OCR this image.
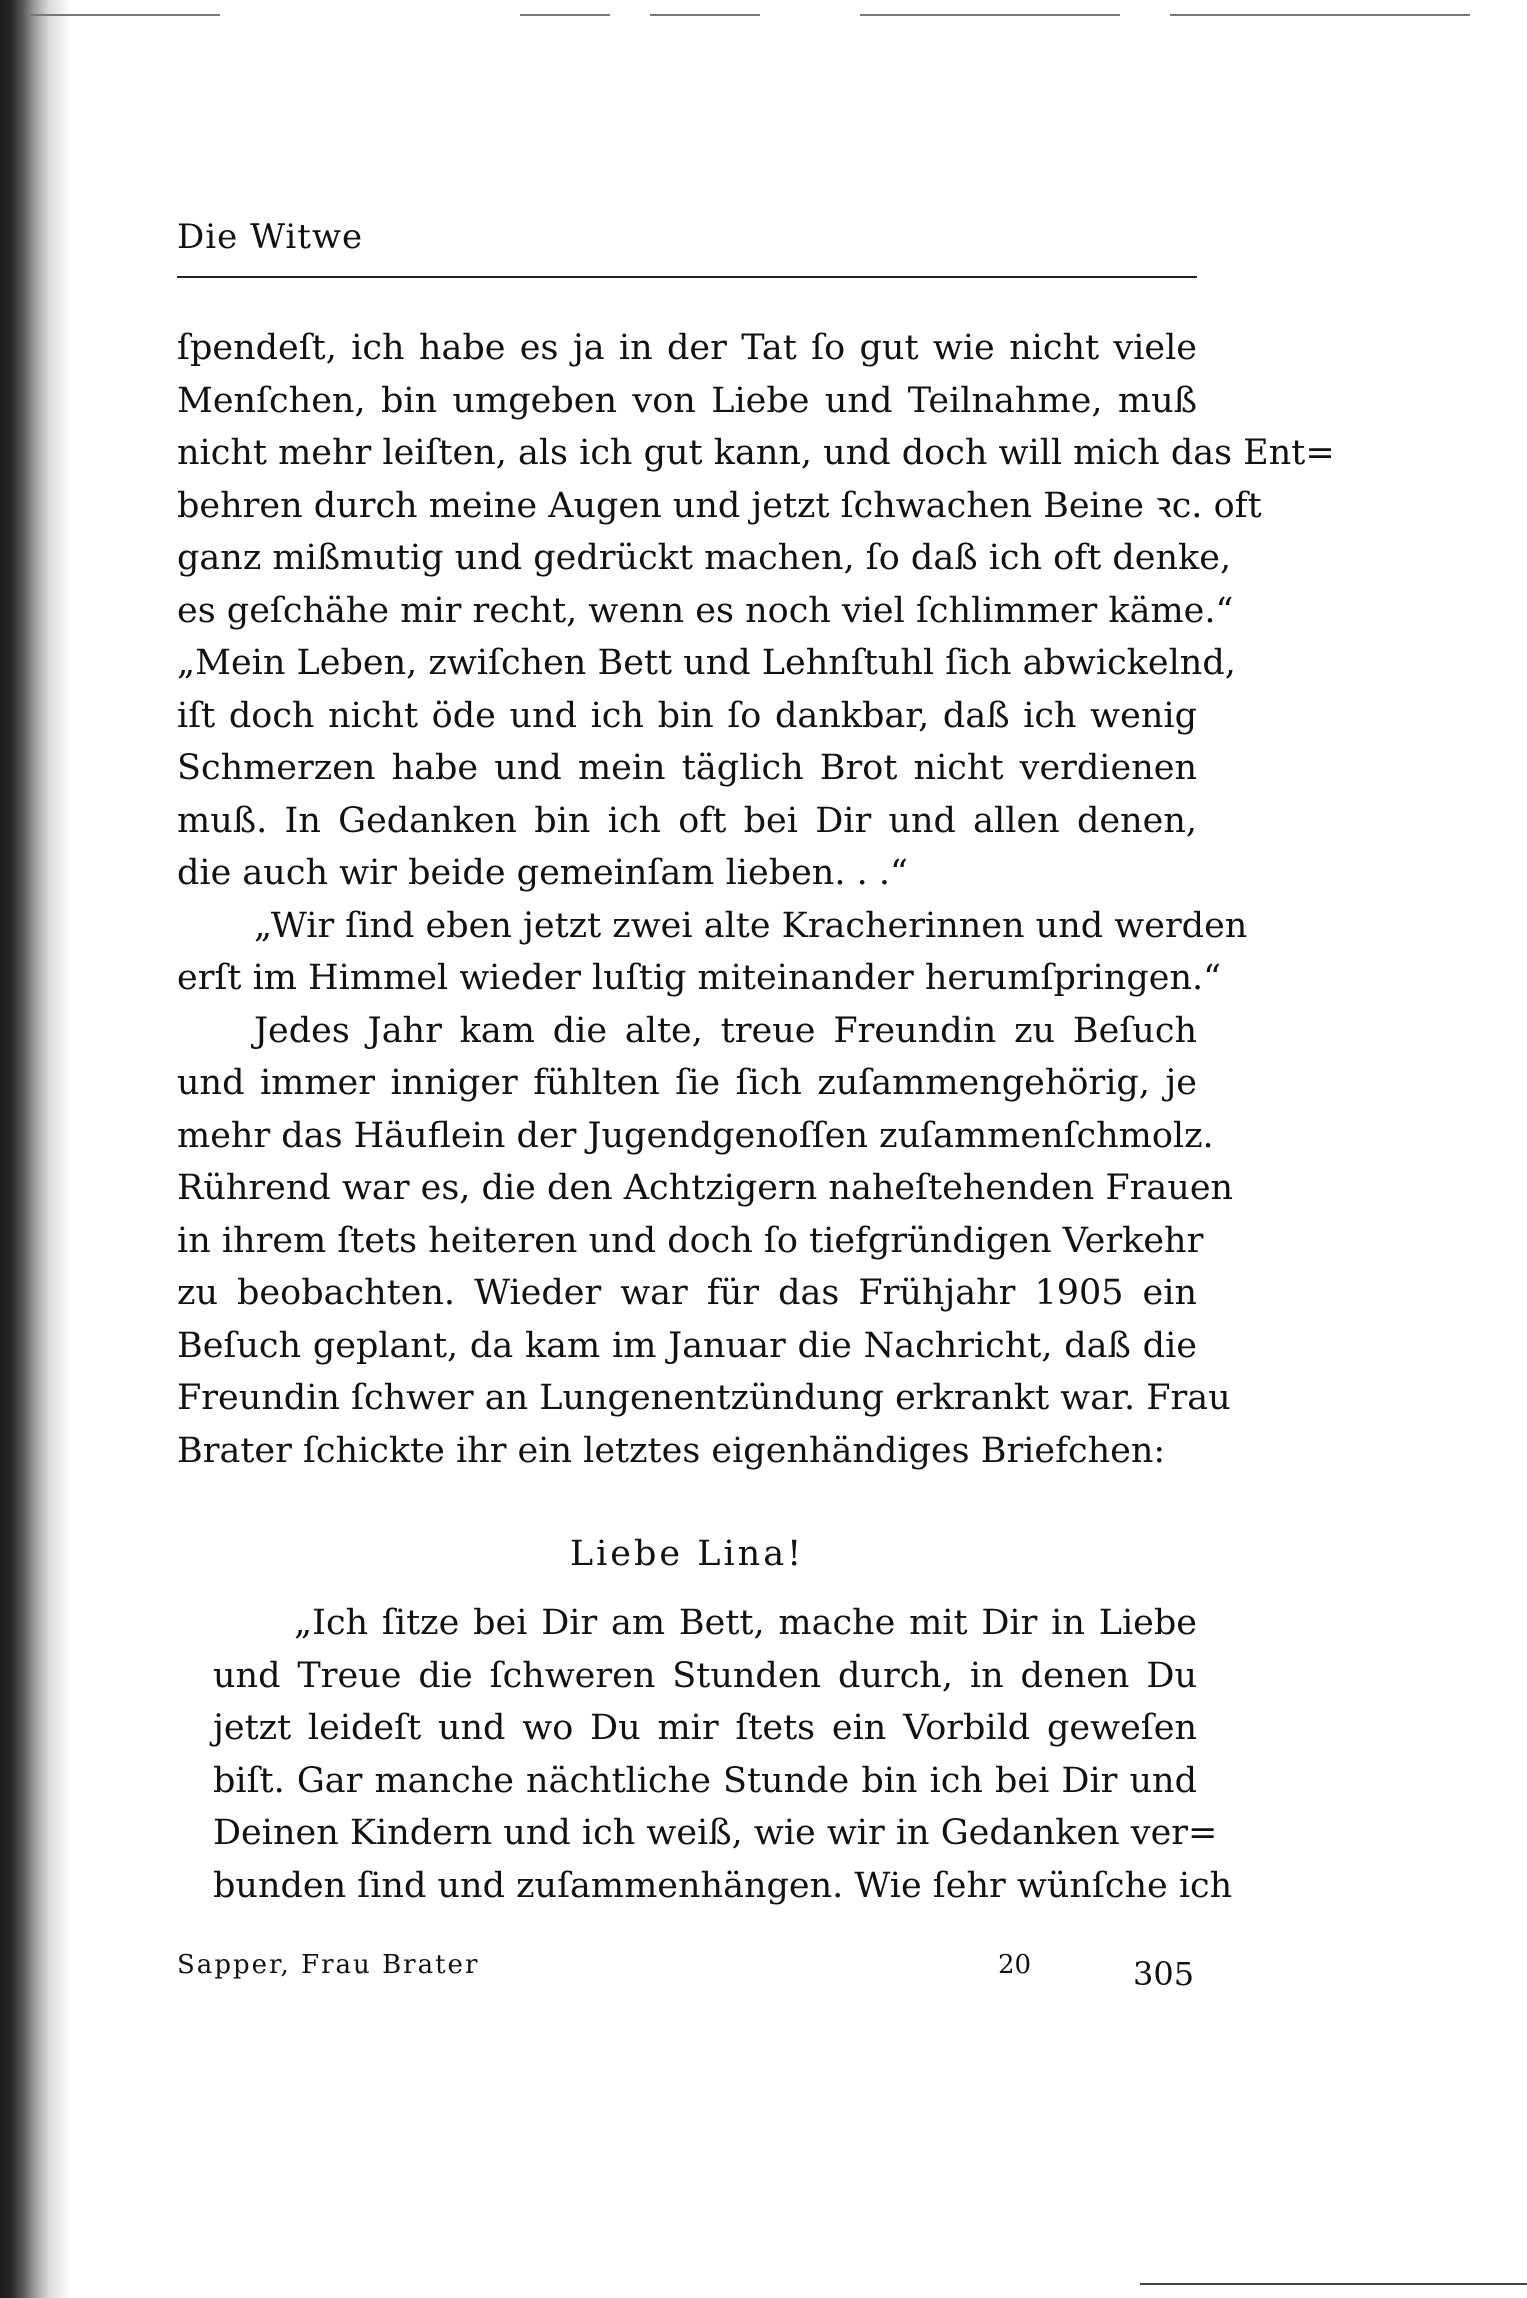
Die Witwe
ſpendeſt, ich habe es ja in der Tat ſo gut wie nicht viele
Menſchen, bin umgeben von Liebe und Teilnahme, muß
nicht mehr leiſten, als ich gut kann, und doch will mich das Ent=
behren durch meine Augen und jetzt ſchwachen Beine ꝛc. oft
ganz mißmutig und gedrückt machen, ſo daß ich oft denke,
es geſchähe mir recht, wenn es noch viel ſchlimmer käme.“
„Mein Leben, zwiſchen Bett und Lehnſtuhl ſich abwickelnd,
iſt doch nicht öde und ich bin ſo dankbar, daß ich wenig
Schmerzen habe und mein täglich Brot nicht verdienen
muß. In Gedanken bin ich oft bei Dir und allen denen,
die auch wir beide gemeinſam lieben. . .“
„Wir ſind eben jetzt zwei alte Kracherinnen und werden
erſt im Himmel wieder luſtig miteinander herumſpringen.“
Jedes Jahr kam die alte, treue Freundin zu Beſuch
und immer inniger fühlten ſie ſich zuſammengehörig, je
mehr das Häuflein der Jugendgenoſſen zuſammenſchmolz.
Rührend war es, die den Achtzigern naheſtehenden Frauen
in ihrem ſtets heiteren und doch ſo tiefgründigen Verkehr
zu beobachten. Wieder war für das Frühjahr 1905 ein
Beſuch geplant, da kam im Januar die Nachricht, daß die
Freundin ſchwer an Lungenentzündung erkrankt war. Frau
Brater ſchickte ihr ein letztes eigenhändiges Briefchen:
Liebe Lina!
„Ich ſitze bei Dir am Bett, mache mit Dir in Liebe
und Treue die ſchweren Stunden durch, in denen Du
jetzt leideſt und wo Du mir ſtets ein Vorbild geweſen
biſt. Gar manche nächtliche Stunde bin ich bei Dir und
Deinen Kindern und ich weiß, wie wir in Gedanken ver=
bunden ſind und zuſammenhängen. Wie ſehr wünſche ich
Sapper, Frau Brater	20	305
